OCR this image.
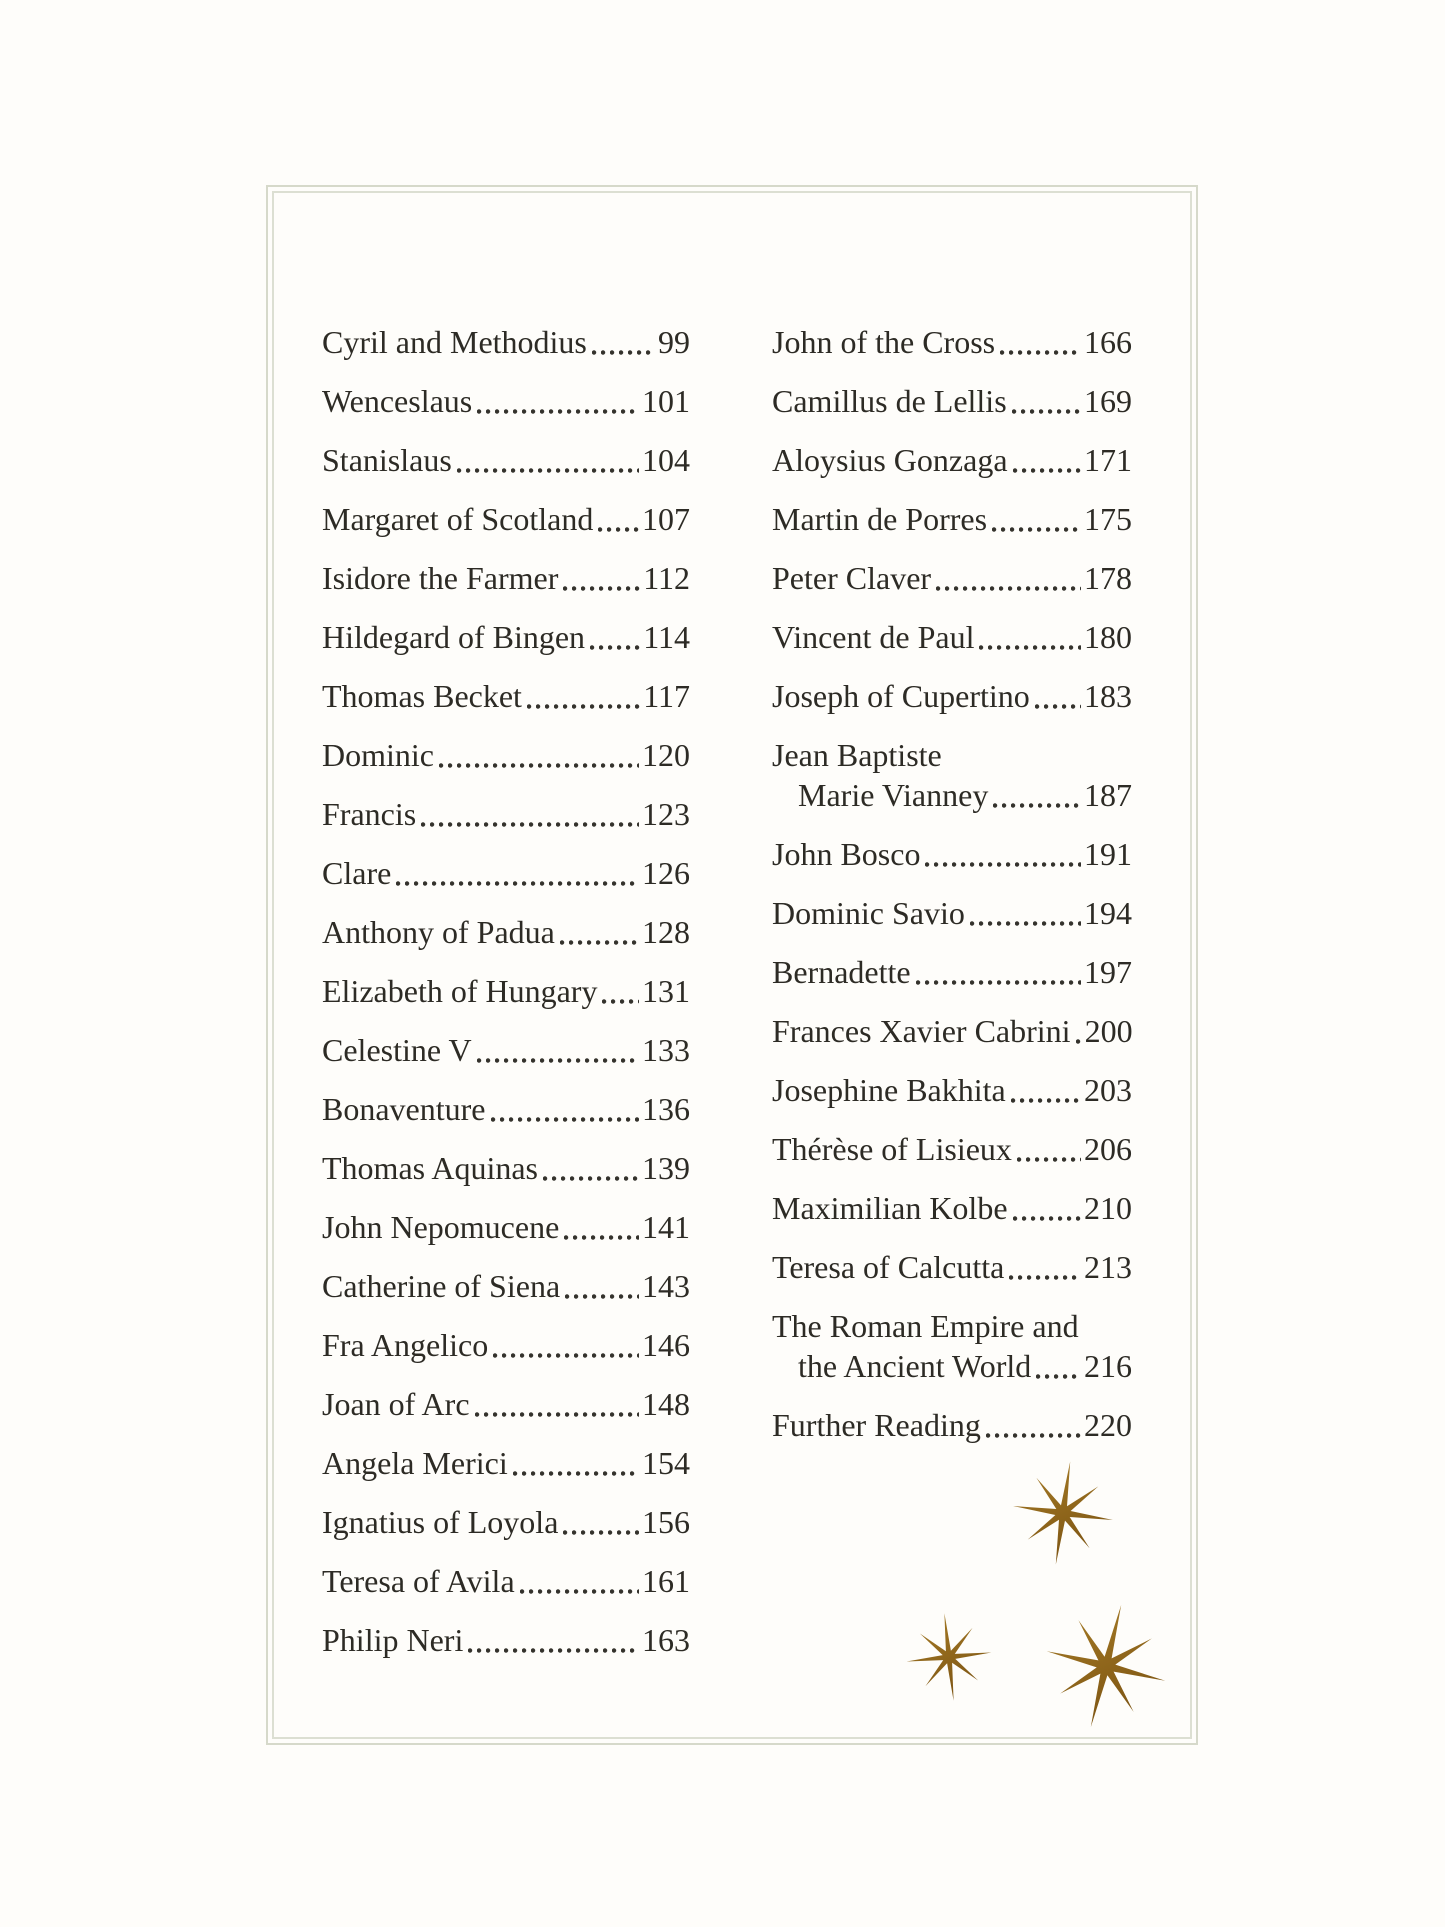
Cyril and Methodius 99
Wenceslaus	101
Stanislaus	104
Margaret of Scotland 107
Isidore the Farmer	112
Hildegard of Bingen 114
Thomas Becket	117
Dominic	120
Francis	123
Clare	126
Anthony of Padua	128
Elizabeth of Hungary 131
Celestine V	133
Bonaventure	136
Thomas Aquinas	139
John Nepomucene	141
Catherine of Siena	143
Fra Angelico	146
Joan of Arc	148
Angela Merici	154
Ignatius of Loyola	156
Teresa of Avila	161
Philip Neri	163
John of the Cross	166
Camillus de Lellis 169
Aloysius Gonzaga 171
Martin de Porres	175
Peter Claver	178
Vincent de Paul	180
Joseph of Cupertino 183
Jean Baptiste
Marie Vianney	187
John Bosco	191
Dominic Savio	194
Bernadette	197
Frances Xavier Cabrini 200
Josephine Bakhita 203
Thérèse of Lisieux 206
Maximilian Kolbe 210
Teresa of Calcutta 213
The Roman Empire and
the Ancient World 216
Further Reading	220
